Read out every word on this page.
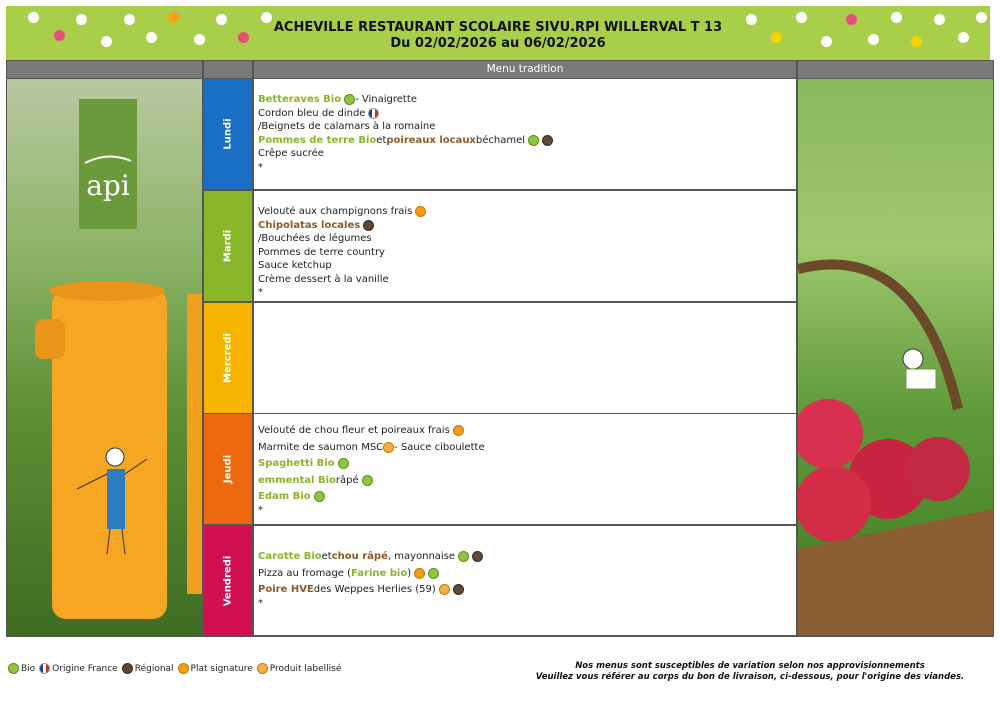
ACHEVILLE RESTAURANT SCOLAIRE SIVU.RPI WILLERVAL T 13
Du 02/02/2026 au 06/02/2026
Menu tradition
api
Lundi
Mardi
Mercredi
Jeudi
Vendredi
Betteraves Bio - Vinaigrette
Cordon bleu de dinde
/Beignets de calamars à la romaine
Pommes de terre Bio et poireaux locaux béchamel
Crêpe sucrée
*
Velouté aux champignons frais
Chipolatas locales
/Bouchées de légumes
Pommes de terre country
Sauce ketchup
Crème dessert à la vanille
*
Velouté de chou fleur et poireaux frais
Marmite de saumon MSC - Sauce ciboulette
Spaghetti Bio
emmental Bio râpé
Edam Bio
*
Carotte Bio et chou râpé , mayonnaise
Pizza au fromage ( Farine bio )
Poire HVE des Weppes Herlies (59)
*
Bio Origine France Régional Plat signature Produit labellisé	Nos menus sont susceptibles de variation selon nos approvisionnements
Veuillez vous référer au corps du bon de livraison, ci-dessous, pour l'origine des viandes.
